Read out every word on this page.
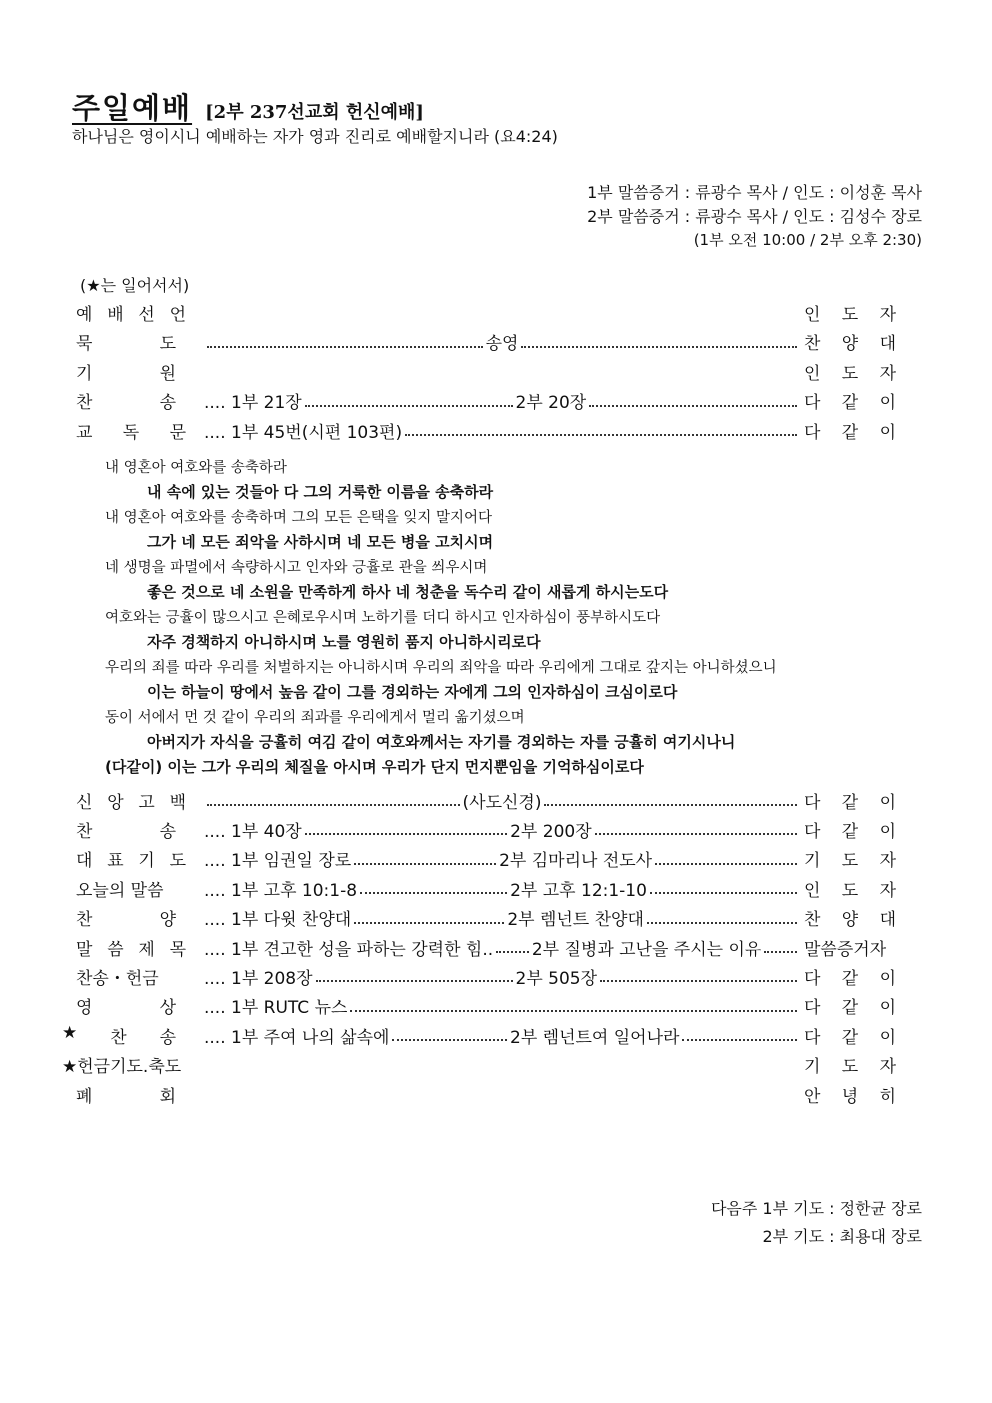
주일예배 [2부 237선교회 헌신예배]
하나님은 영이시니 예배하는 자가 영과 진리로 예배할지니라 (요4:24)
1부 말씀증거 : 류광수 목사 / 인도 : 이성훈 목사
2부 말씀증거 : 류광수 목사 / 인도 : 김성수 장로
(1부 오전 10:00 / 2부 오후 2:30)
(★는 일어서서)
예 배 선 언	인 도 자
묵	도	송영	찬 양 대
기	원	인 도 자
찬	송 .... 1부 21장	2부 20장	다 같 이
교 독 문 .... 1부 45번(시편 103편)	다 같 이
내 영혼아 여호와를 송축하라
내 속에 있는 것들아 다 그의 거룩한 이름을 송축하라
내 영혼아 여호와를 송축하며 그의 모든 은택을 잊지 말지어다
그가 네 모든 죄악을 사하시며 네 모든 병을 고치시며
네 생명을 파멸에서 속량하시고 인자와 긍휼로 관을 씌우시며
좋은 것으로 네 소원을 만족하게 하사 네 청춘을 독수리 같이 새롭게 하시는도다
여호와는 긍휼이 많으시고 은혜로우시며 노하기를 더디 하시고 인자하심이 풍부하시도다
자주 경책하지 아니하시며 노를 영원히 품지 아니하시리로다
우리의 죄를 따라 우리를 처벌하지는 아니하시며 우리의 죄악을 따라 우리에게 그대로 갚지는 아니하셨으니
이는 하늘이 땅에서 높음 같이 그를 경외하는 자에게 그의 인자하심이 크심이로다
동이 서에서 먼 것 같이 우리의 죄과를 우리에게서 멀리 옮기셨으며
아버지가 자식을 긍휼히 여김 같이 여호와께서는 자기를 경외하는 자를 긍휼히 여기시나니
(다같이) 이는 그가 우리의 체질을 아시며 우리가 단지 먼지뿐임을 기억하심이로다
신 앙 고 백	(사도신경)	다 같 이
찬	송 .... 1부 40장	2부 200장	다 같 이
대 표 기 도 .... 1부 임권일 장로	2부 김마리나 전도사	기 도 자
오늘의 말씀 .... 1부 고후 10:1-8	2부 고후 12:1-10	인 도 자
찬	양 .... 1부 다윗 찬양대	2부 렘넌트 찬양대	찬 양 대
말 씀 제 목 .... 1부 견고한 성을 파하는 강력한 힘.. 2부 질병과 고난을 주시는 이유	말씀증거자
찬송・헌금	.... 1부 208장	2부 505장	다 같 이
영	상 .... 1부 RUTC 뉴스	다 같 이
★ 찬 송 .... 1부 주여 나의 삶속에	2부 렘넌트여 일어나라	다 같 이
★헌금기도.축도	기 도 자
폐	회	안 녕 히
다음주 1부 기도 : 정한균 장로
2부 기도 : 최용대 장로
